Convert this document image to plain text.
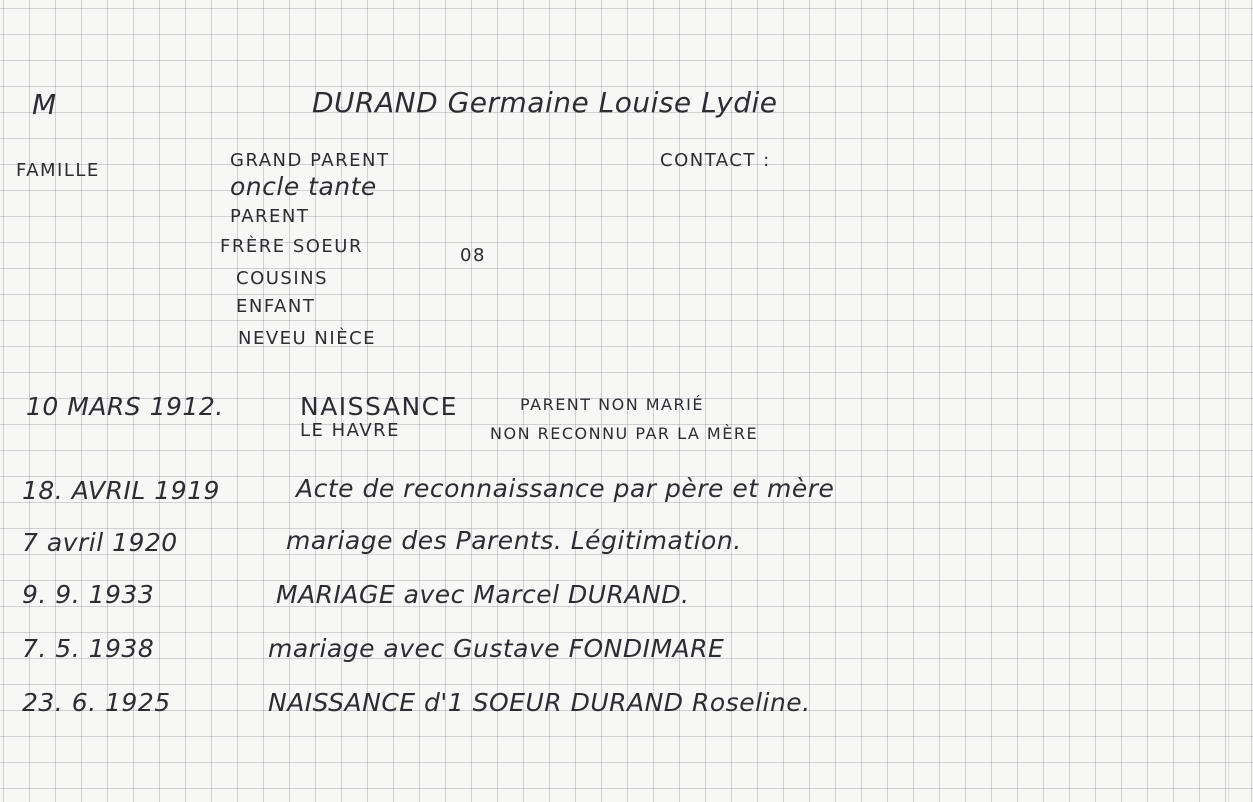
M	DURAND Germaine Louise Lydie
FAMILLE	GRAND PARENT
oncle tante
PARENT
FRÈRE SOEUR	08
COUSINS
ENFANT
NEVEU NIÈCE
CONTACT :
10 MARS 1912.	NAISSANCE	PARENT NON MARIÉ
LE HAVRE	NON RECONNU PAR LA MÈRE
18. AVRIL 1919	Acte de reconnaissance par père et mère
7 avril 1920	mariage des Parents. Légitimation.
9. 9. 1933	MARIAGE avec Marcel DURAND.
7. 5. 1938	mariage avec Gustave FONDIMARE
23. 6. 1925	NAISSANCE d'1 SOEUR DURAND Roseline.
